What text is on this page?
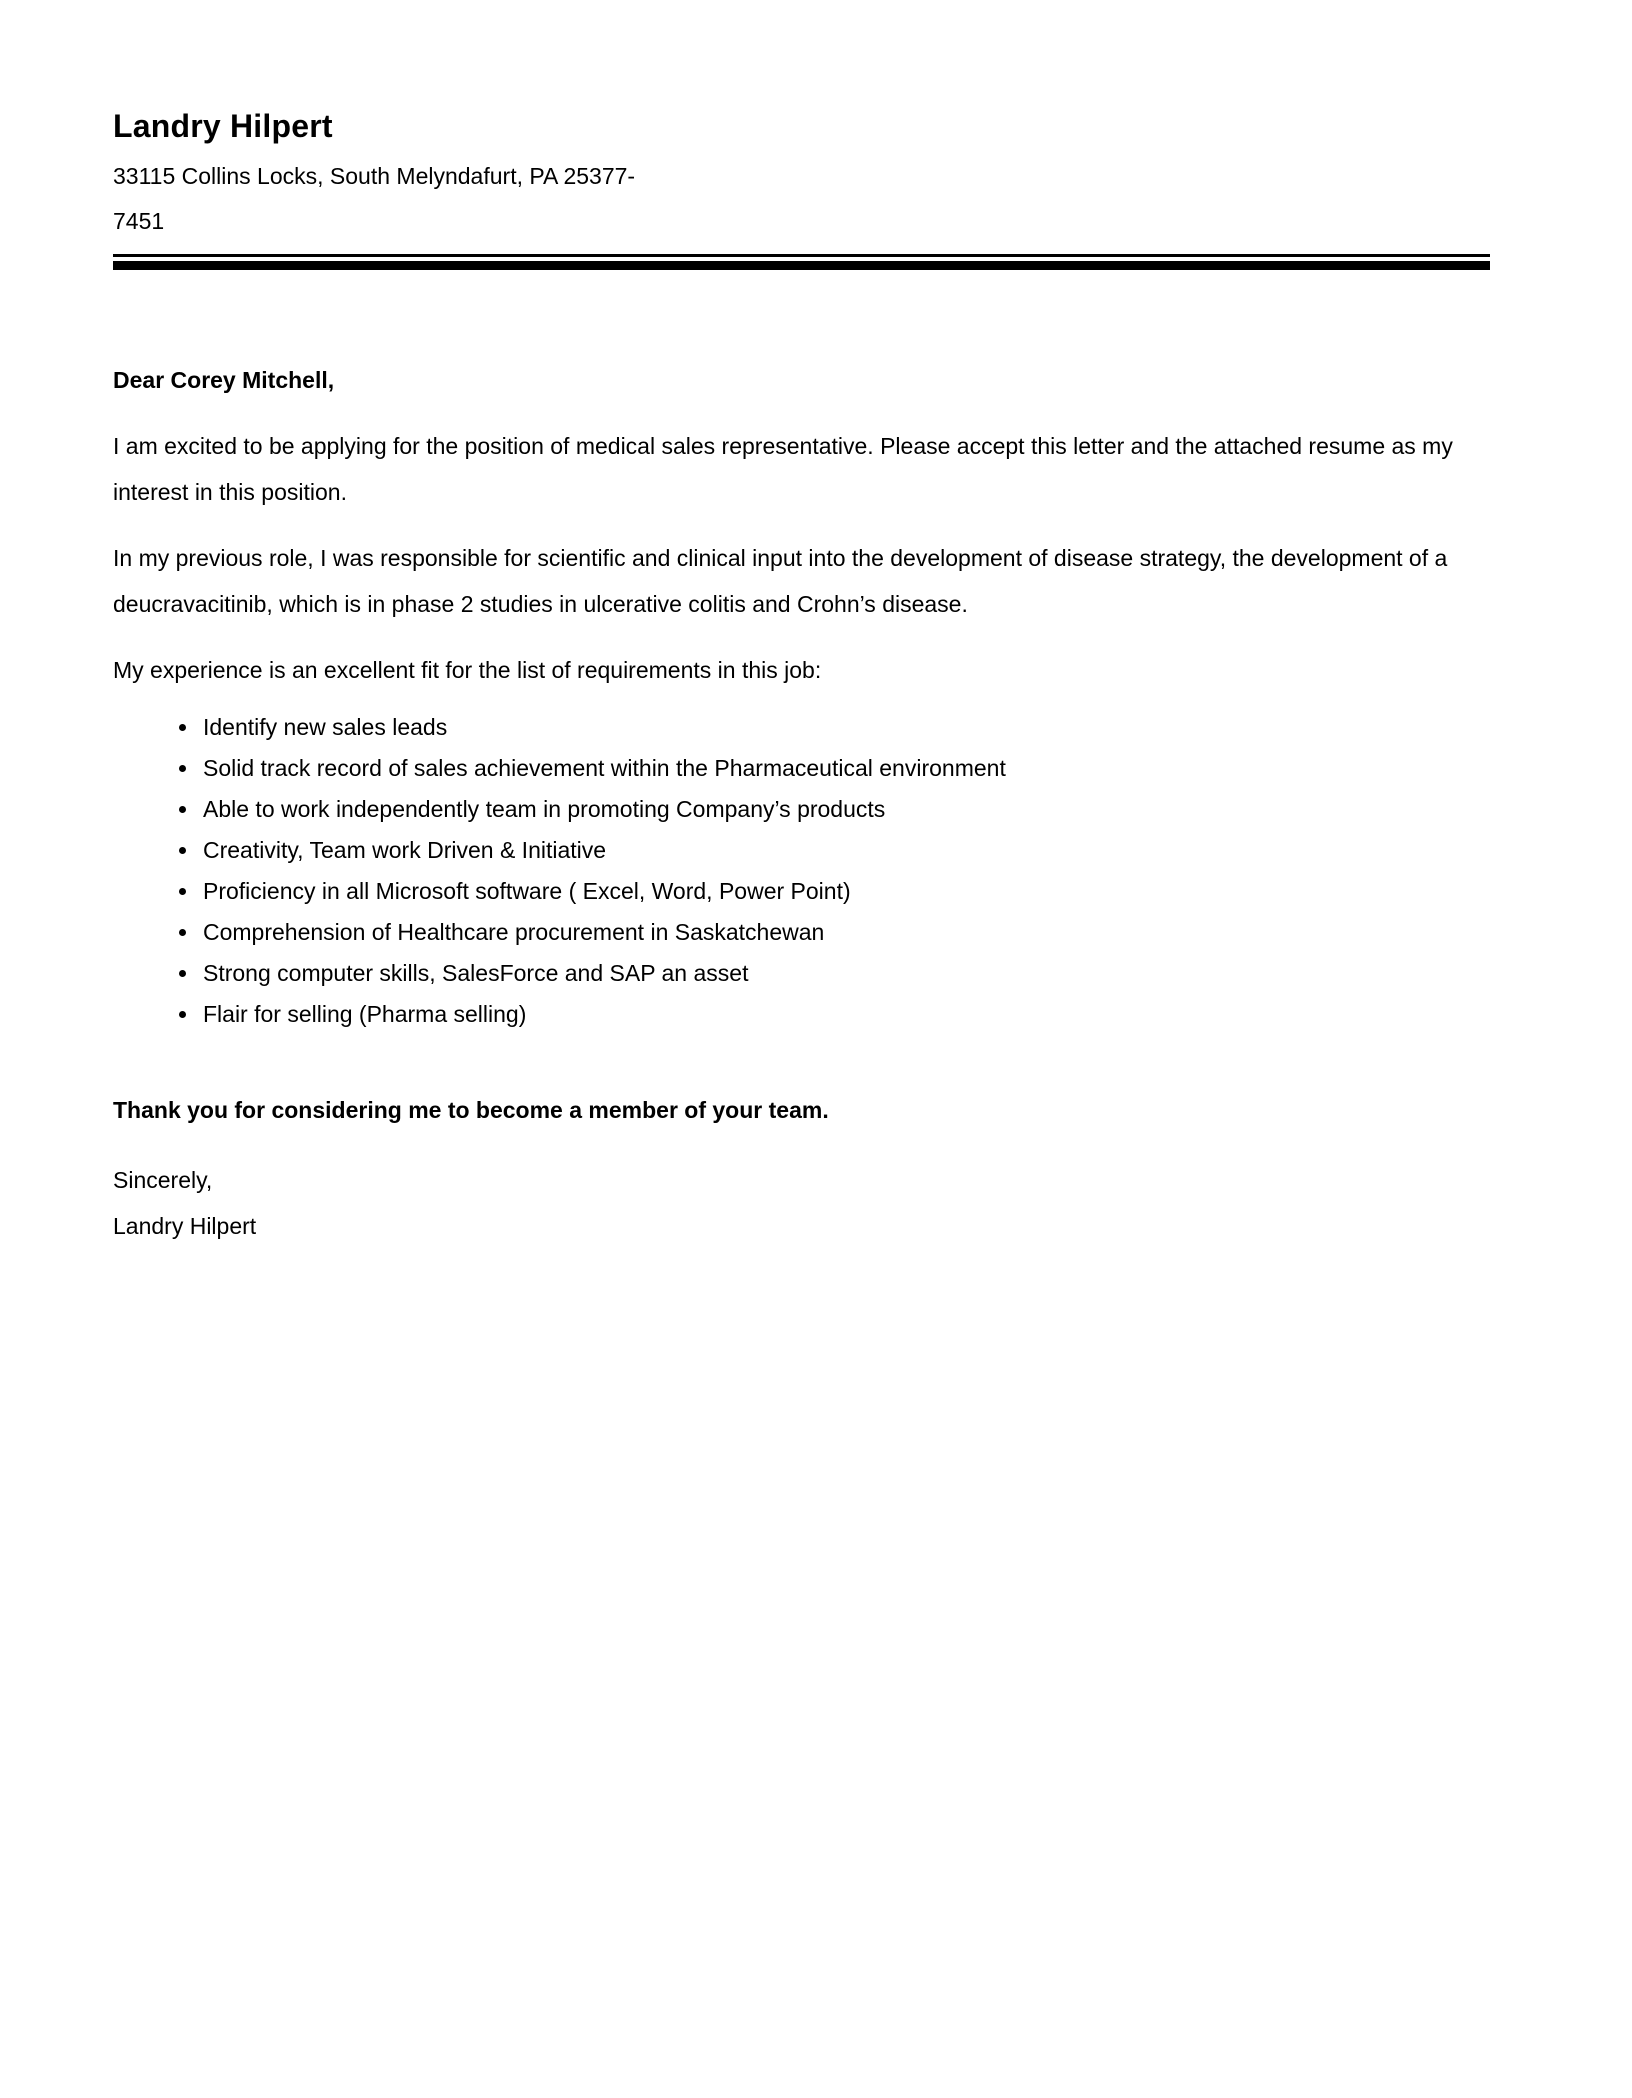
Landry Hilpert
33115 Collins Locks, South Melyndafurt, PA 25377-
7451
Dear Corey Mitchell,
I am excited to be applying for the position of medical sales representative. Please accept this letter and the attached resume as my interest in this position.
In my previous role, I was responsible for scientific and clinical input into the development of disease strategy, the development of a deucravacitinib, which is in phase 2 studies in ulcerative colitis and Crohn’s disease.
My experience is an excellent fit for the list of requirements in this job:
• Identify new sales leads
• Solid track record of sales achievement within the Pharmaceutical environment
• Able to work independently team in promoting Company’s products
• Creativity, Team work Driven & Initiative
• Proficiency in all Microsoft software ( Excel, Word, Power Point)
• Comprehension of Healthcare procurement in Saskatchewan
• Strong computer skills, SalesForce and SAP an asset
• Flair for selling (Pharma selling)
Thank you for considering me to become a member of your team.
Sincerely,
Landry Hilpert
